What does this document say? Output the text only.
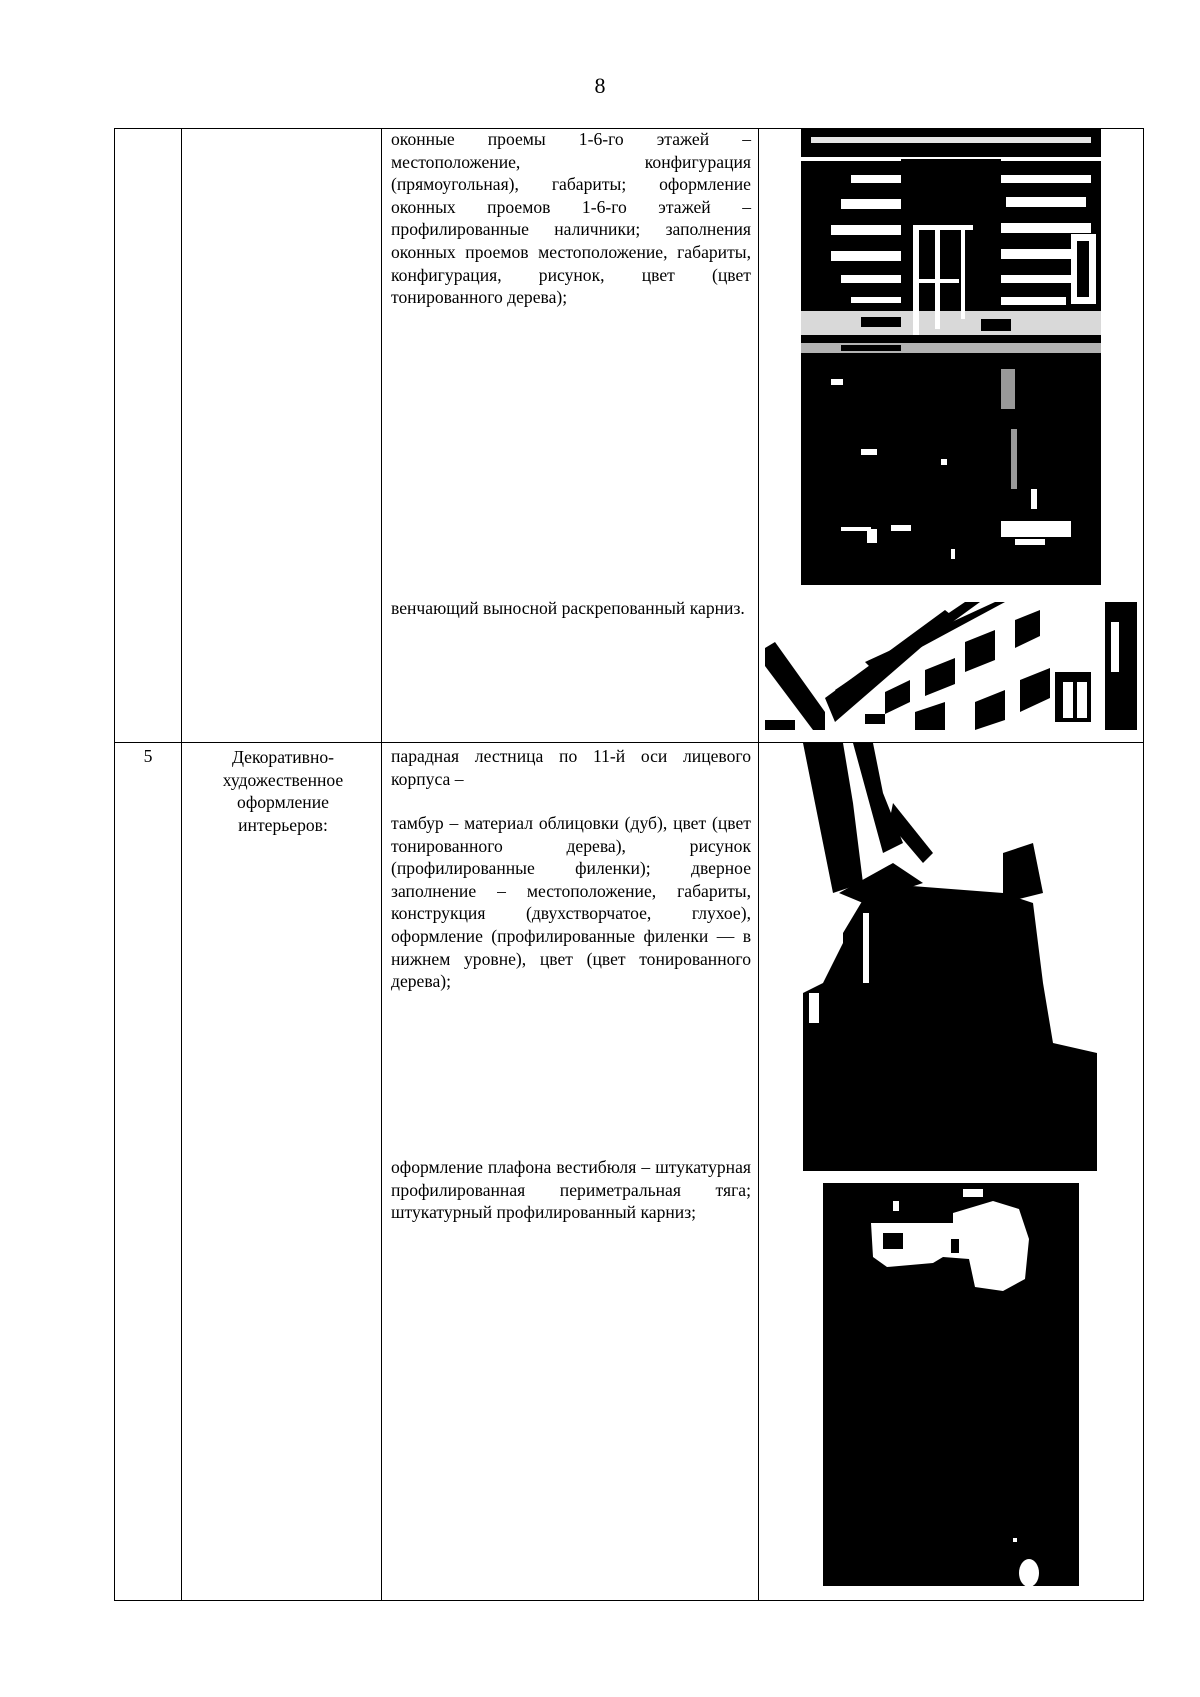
8
оконные проемы 1-6-го этажей – местоположение, конфигурация (прямоугольная), габариты; оформление оконных проемов 1-6-го этажей – профилированные наличники; заполнения оконных проемов местоположение, габариты, конфигурация, рисунок, цвет (цвет тонированного дерева);
венчающий выносной раскрепованный карниз.
5	Декоративно-художественное оформление интерьеров:
парадная лестница по 11-й оси лицевого корпуса –
тамбур – материал облицовки (дуб), цвет (цвет тонированного дерева), рисунок (профилированные филенки); дверное заполнение – местоположение, габариты, конструкция (двухстворчатое, глухое), оформление (профилированные филенки — в нижнем уровне), цвет (цвет тонированного дерева);
оформление плафона вестибюля – штукатурная профилированная периметральная тяга; штукатурный профилированный карниз;
